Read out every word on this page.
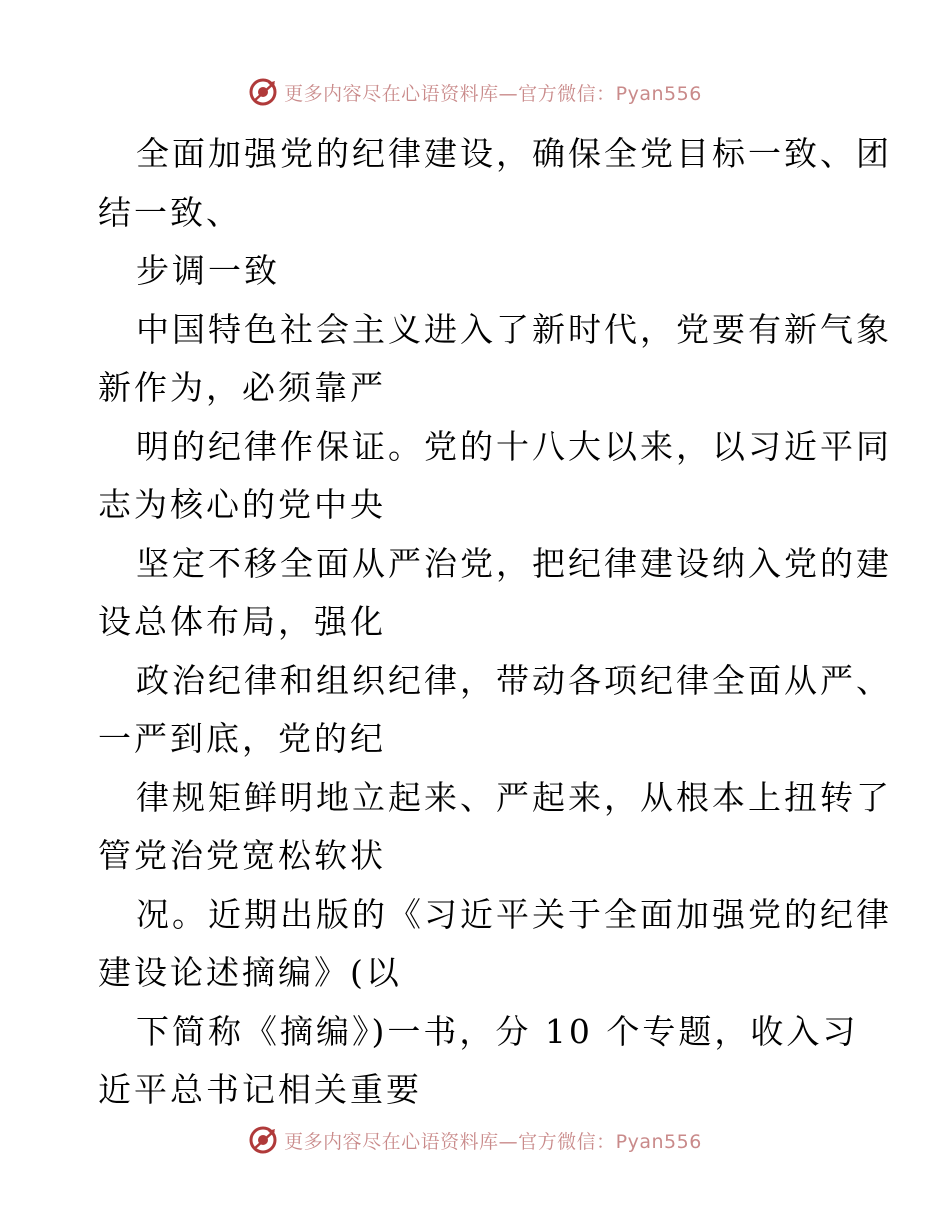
更多内容尽在心语资料库—官方微信：Pyan556
全面加强党的纪律建设，确保全党目标一致、团
结一致、
步调一致
中国特色社会主义进入了新时代，党要有新气象
新作为，必须靠严
明的纪律作保证。党的十八大以来，以习近平同
志为核心的党中央
坚定不移全面从严治党，把纪律建设纳入党的建
设总体布局，强化
政治纪律和组织纪律，带动各项纪律全面从严、
一严到底，党的纪
律规矩鲜明地立起来、严起来，从根本上扭转了
管党治党宽松软状
况。近期出版的《习近平关于全面加强党的纪律
建设论述摘编》(以
下简称《摘编》)一书，分 10 个专题，收入习
近平总书记相关重要
更多内容尽在心语资料库—官方微信：Pyan556
